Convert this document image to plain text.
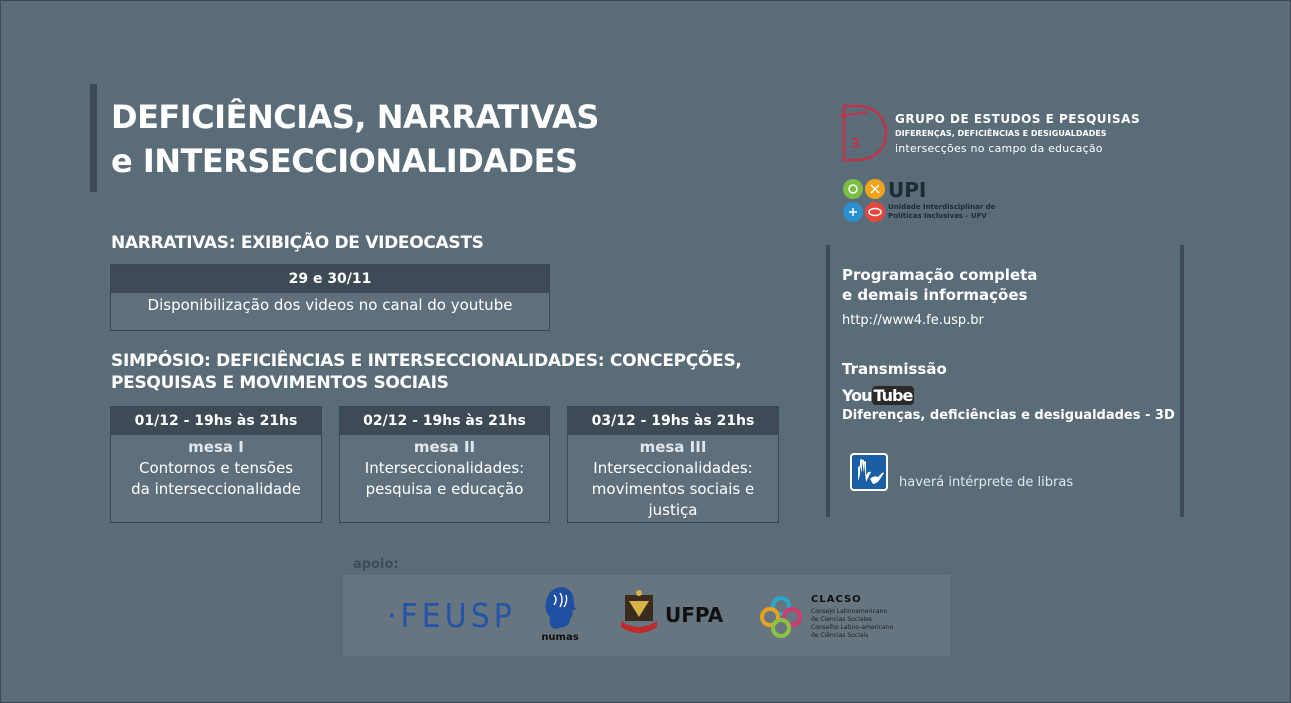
DEFICIÊNCIAS, NARRATIVAS
e INTERSECCIONALIDADES
NARRATIVAS: EXIBIÇÃO DE VIDEOCASTS
29 e 30/11
Disponibilização dos videos no canal do youtube
SIMPÓSIO: DEFICIÊNCIAS E INTERSECCIONALIDADES: CONCEPÇÕES,
PESQUISAS E MOVIMENTOS SOCIAIS
01/12 - 19hs às 21hs
mesa I
Contornos e tensões
da interseccionalidade
02/12 - 19hs às 21hs
mesa II
Interseccionalidades:
pesquisa e educação
03/12 - 19hs às 21hs
mesa III
Interseccionalidades:
movimentos sociais e
justiça
3
GRUPO DE ESTUDOS E PESQUISAS
DIFERENÇAS, DEFICIÊNCIAS E DESIGUALDADES
intersecções no campo da educação
UPI
Unidade Interdisciplinar de
Políticas Inclusivas - UFV
Programação completa
e demais informações
http://www4.fe.usp.br
Transmissão
You Tube
Diferenças, deficiências e desigualdades - 3D
haverá intérprete de libras
apoio:
·FEUSP
numas
UFPA
CLACSO
Consejo Latinoamericano
de Ciencias Sociales
Conselho Latino-americano
de Ciências Sociais
